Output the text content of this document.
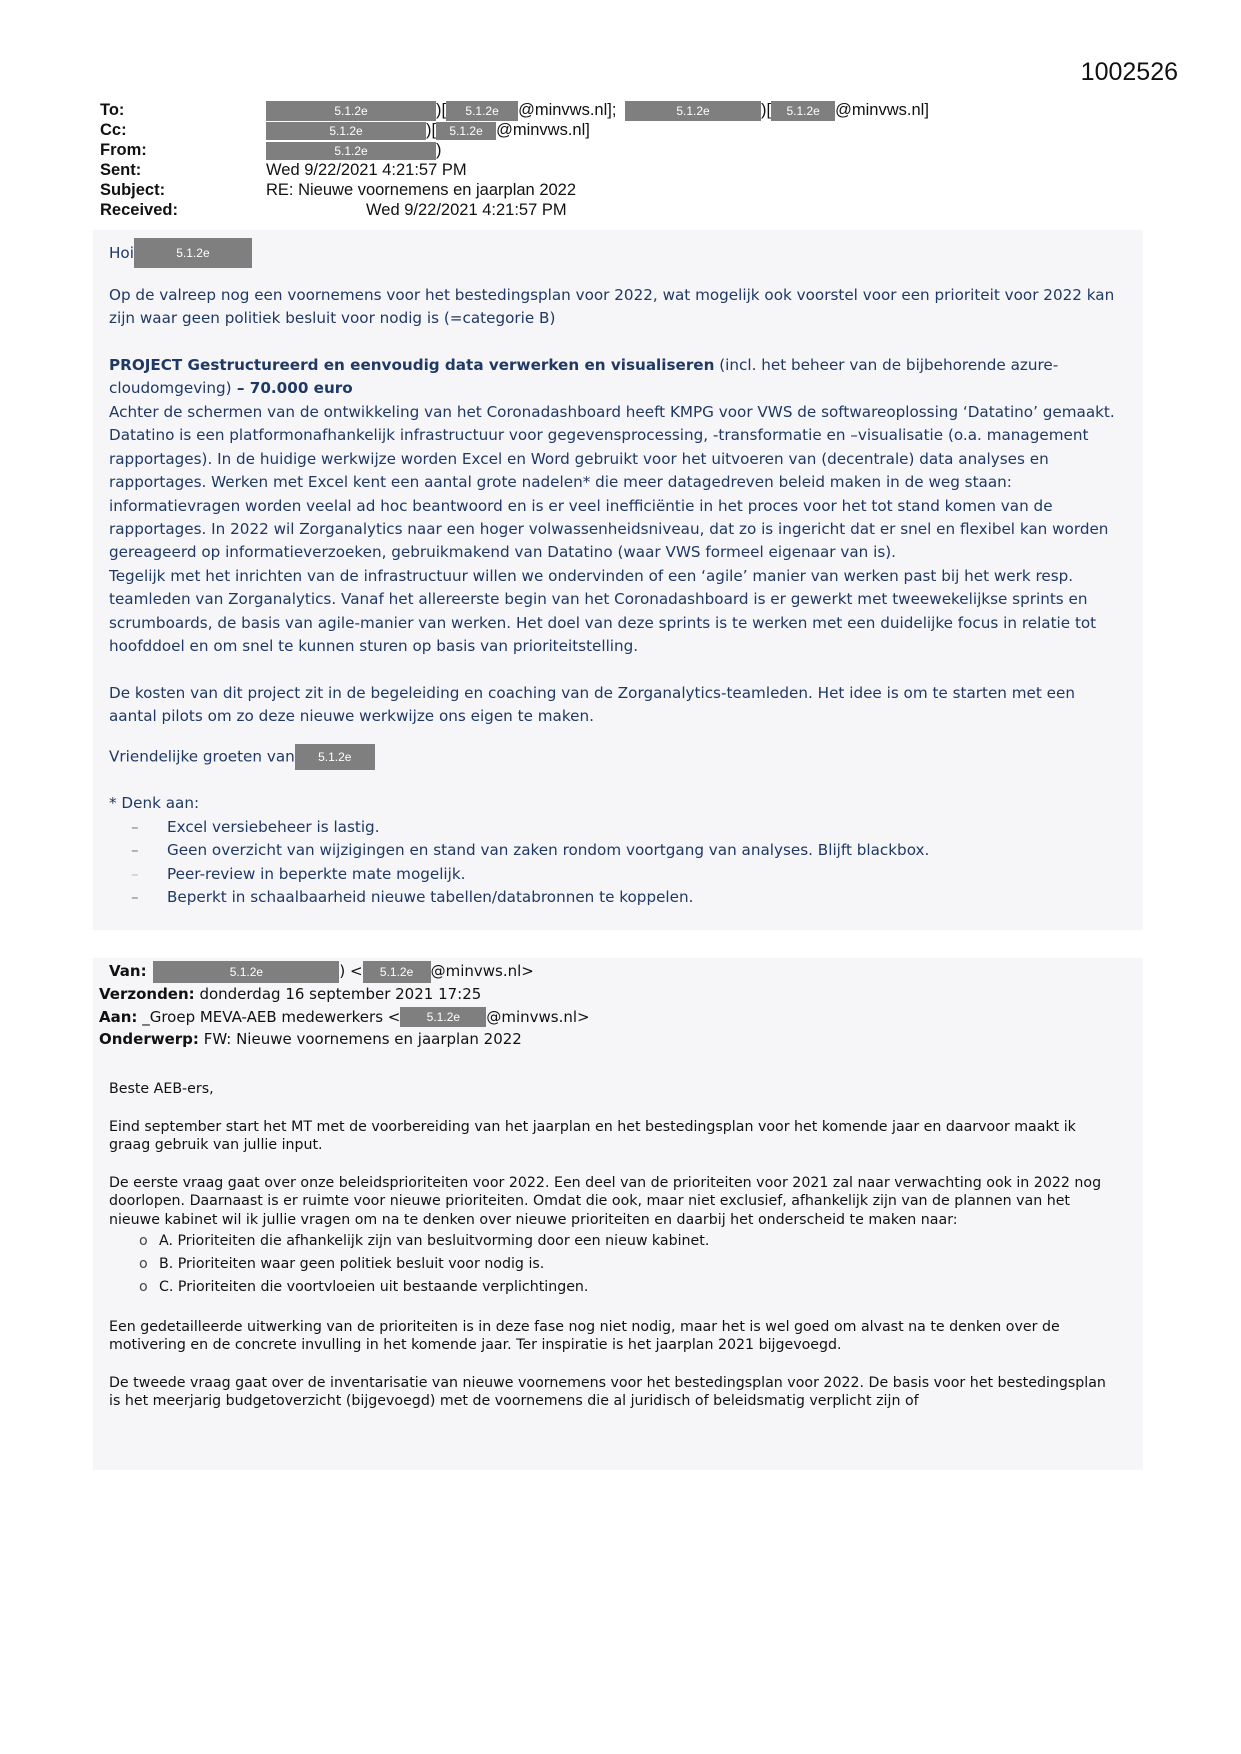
1002526
To:	5.1.2e	)[ 5.1.2e @minvws.nl];	5.1.2e	)[ 5.1.2e @minvws.nl]
Cc:	5.1.2e	)[ 5.1.2e @minvws.nl]
From:	5.1.2e	)
Sent:	Wed 9/22/2021 4:21:57 PM
Subject:	RE: Nieuwe voornemens en jaarplan 2022
Received:	Wed 9/22/2021 4:21:57 PM
Hoi	5.1.2e

Op de valreep nog een voornemens voor het bestedingsplan voor 2022, wat mogelijk ook voorstel voor een prioriteit voor 2022 kan zijn waar geen politiek besluit voor nodig is (=categorie B)

PROJECT Gestructureerd en eenvoudig data verwerken en visualiseren (incl. het beheer van de bijbehorende azure-cloudomgeving) – 70.000 euro

Achter de schermen van de ontwikkeling van het Coronadashboard heeft KMPG voor VWS de softwareoplossing ‘Datatino’ gemaakt. Datatino is een platformonafhankelijk infrastructuur voor gegevensprocessing, -transformatie en –visualisatie (o.a. management rapportages). In de huidige werkwijze worden Excel en Word gebruikt voor het uitvoeren van (decentrale) data analyses en rapportages. Werken met Excel kent een aantal grote nadelen* die meer datagedreven beleid maken in de weg staan: informatievragen worden veelal ad hoc beantwoord en is er veel inefficiëntie in het proces voor het tot stand komen van de rapportages. In 2022 wil Zorganalytics naar een hoger volwassenheidsniveau, dat zo is ingericht dat er snel en flexibel kan worden gereageerd op informatieverzoeken, gebruikmakend van Datatino (waar VWS formeel eigenaar van is).

Tegelijk met het inrichten van de infrastructuur willen we ondervinden of een ‘agile’ manier van werken past bij het werk resp. teamleden van Zorganalytics. Vanaf het allereerste begin van het Coronadashboard is er gewerkt met tweewekelijkse sprints en scrumboards, de basis van agile-manier van werken. Het doel van deze sprints is te werken met een duidelijke focus in relatie tot hoofddoel en om snel te kunnen sturen op basis van prioriteitstelling.

De kosten van dit project zit in de begeleiding en coaching van de Zorganalytics-teamleden. Het idee is om te starten met een aantal pilots om zo deze nieuwe werkwijze ons eigen te maken.

Vriendelijke groeten van 5.1.2e

* Denk aan:

– Excel versiebeheer is lastig.

– Geen overzicht van wijzigingen en stand van zaken rondom voortgang van analyses. Blijft blackbox.

– Peer-review in beperkte mate mogelijk.

– Beperkt in schaalbaarheid nieuwe tabellen/databronnen te koppelen.

Van:	5.1.2e	) < 5.1.2e @minvws.nl>
Verzonden: donderdag 16 september 2021 17:25
Aan: _Groep MEVA-AEB medewerkers < 5.1.2e @minvws.nl>
Onderwerp: FW: Nieuwe voornemens en jaarplan 2022

Beste AEB-ers,

Eind september start het MT met de voorbereiding van het jaarplan en het bestedingsplan voor het komende jaar en daarvoor maakt ik graag gebruik van jullie input.

De eerste vraag gaat over onze beleidsprioriteiten voor 2022. Een deel van de prioriteiten voor 2021 zal naar verwachting ook in 2022 nog doorlopen. Daarnaast is er ruimte voor nieuwe prioriteiten. Omdat die ook, maar niet exclusief, afhankelijk zijn van de plannen van het nieuwe kabinet wil ik jullie vragen om na te denken over nieuwe prioriteiten en daarbij het onderscheid te maken naar:

o A. Prioriteiten die afhankelijk zijn van besluitvorming door een nieuw kabinet.
o B. Prioriteiten waar geen politiek besluit voor nodig is.
o C. Prioriteiten die voortvloeien uit bestaande verplichtingen.

Een gedetailleerde uitwerking van de prioriteiten is in deze fase nog niet nodig, maar het is wel goed om alvast na te denken over de motivering en de concrete invulling in het komende jaar. Ter inspiratie is het jaarplan 2021 bijgevoegd.

De tweede vraag gaat over de inventarisatie van nieuwe voornemens voor het bestedingsplan voor 2022. De basis voor het bestedingsplan is het meerjarig budgetoverzicht (bijgevoegd) met de voornemens die al juridisch of beleidsmatig verplicht zijn of
